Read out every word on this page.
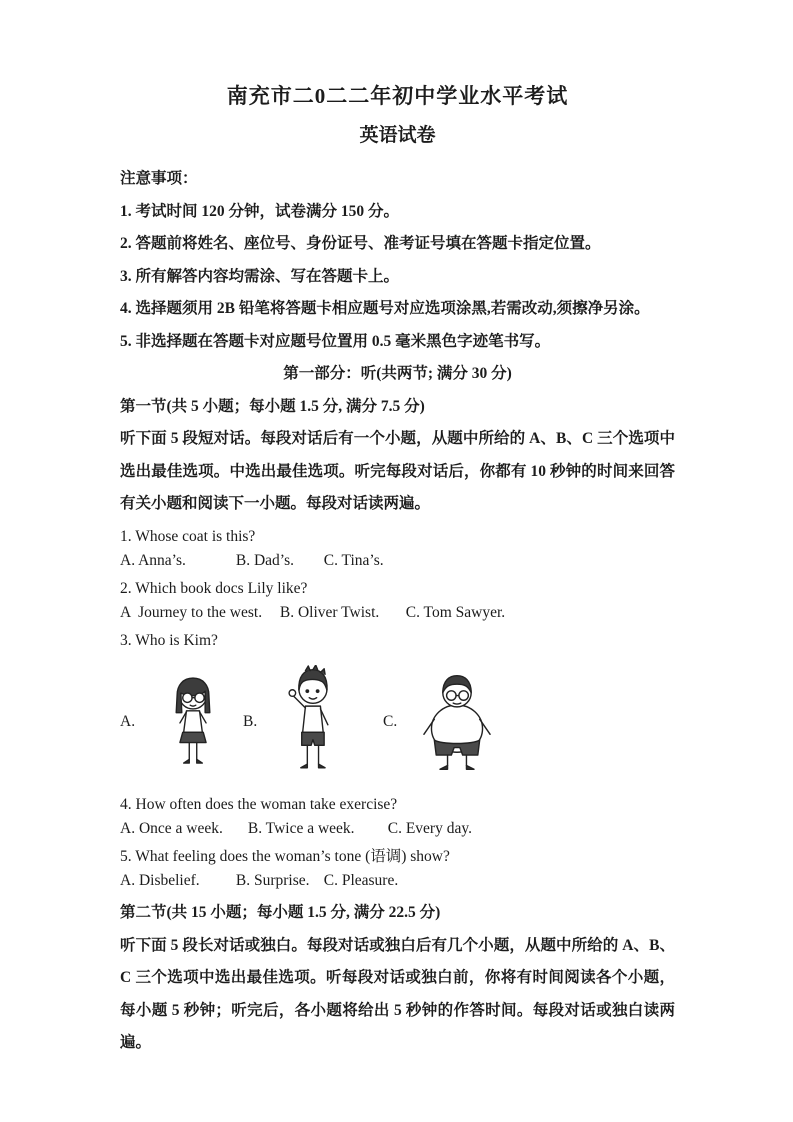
南充市二0二二年初中学业水平考试
英语试卷

注意事项：

1. 考试时间 120 分钟，试卷满分 150 分。

2. 答题前将姓名、座位号、身份证号、准考证号填在答题卡指定位置。

3. 所有解答内容均需涂、写在答题卡上。

4. 选择题须用 2B 铅笔将答题卡相应题号对应选项涂黑,若需改动,须擦净另涂。

5. 非选择题在答题卡对应题号位置用 0.5 毫米黑色字迹笔书写。

第一部分：听(共两节; 满分 30 分)

第一节(共 5 小题；每小题 1.5 分, 满分 7.5 分)

听下面 5 段短对话。每段对话后有一个小题，从题中所给的 A、B、C 三个选项中选出最佳选项。中选出最佳选项。听完每段对话后，你都有 10 秒钟的时间来回答有关小题和阅读下一小题。每段对话读两遍。

1. Whose coat is this?

A. Anna’s.	B. Dad’s. C. Tina’s.

2. Which book docs Lily like?

A  Journey to the west. B. Oliver Twist. C. Tom Sawyer.

3. Who is Kim?

A.	B.	C.

4. How often does the woman take exercise?

A. Once a week. B. Twice a week. C. Every day.

5. What feeling does the woman’s tone (语调) show?

A. Disbelief. B. Surprise. C. Pleasure.

第二节(共 15 小题；每小题 1.5 分, 满分 22.5 分)

听下面 5 段长对话或独白。每段对话或独白后有几个小题，从题中所给的 A、B、C 三个选项中选出最佳选项。听每段对话或独白前，你将有时间阅读各个小题，每小题 5 秒钟；听完后，各小题将给出 5 秒钟的作答时间。每段对话或独白读两遍。
